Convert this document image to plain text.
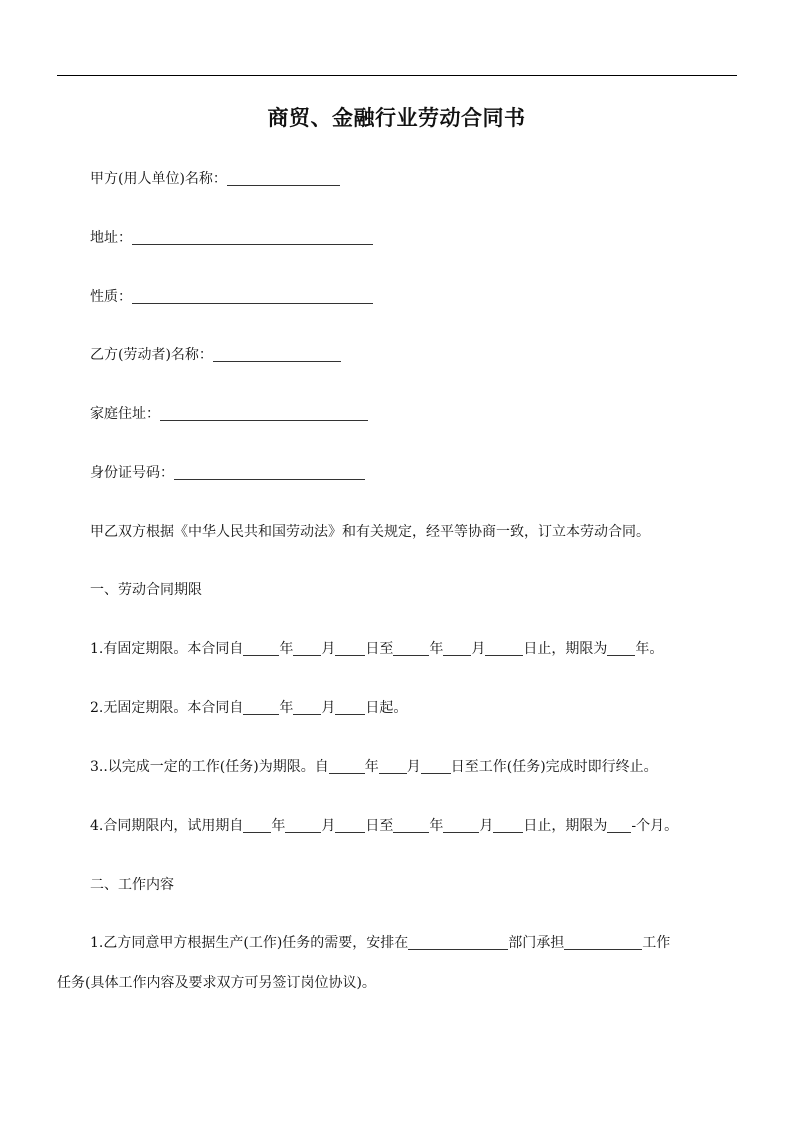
商贸、金融行业劳动合同书
甲方(用人单位)名称：
地址：
性质：
乙方(劳动者)名称：
家庭住址：
身份证号码：
甲乙双方根据《中华人民共和国劳动法》和有关规定，经平等协商一致，订立本劳动合同。
一、劳动合同期限
1.有固定期限。本合同自	年 月 日至	年 月	日止，期限为 年。
2.无固定期限。本合同自	年 月 日起。
3..以完成一定的工作(任务)为期限。自	年 月 日至工作(任务)完成时即行终止。
4.合同期限内，试用期自 年	月 日至	年	月 日止，期限为 -个月。
二、工作内容
1.乙方同意甲方根据生产(工作)任务的需要，安排在	部门承担	工作
任务(具体工作内容及要求双方可另签订岗位协议)。
